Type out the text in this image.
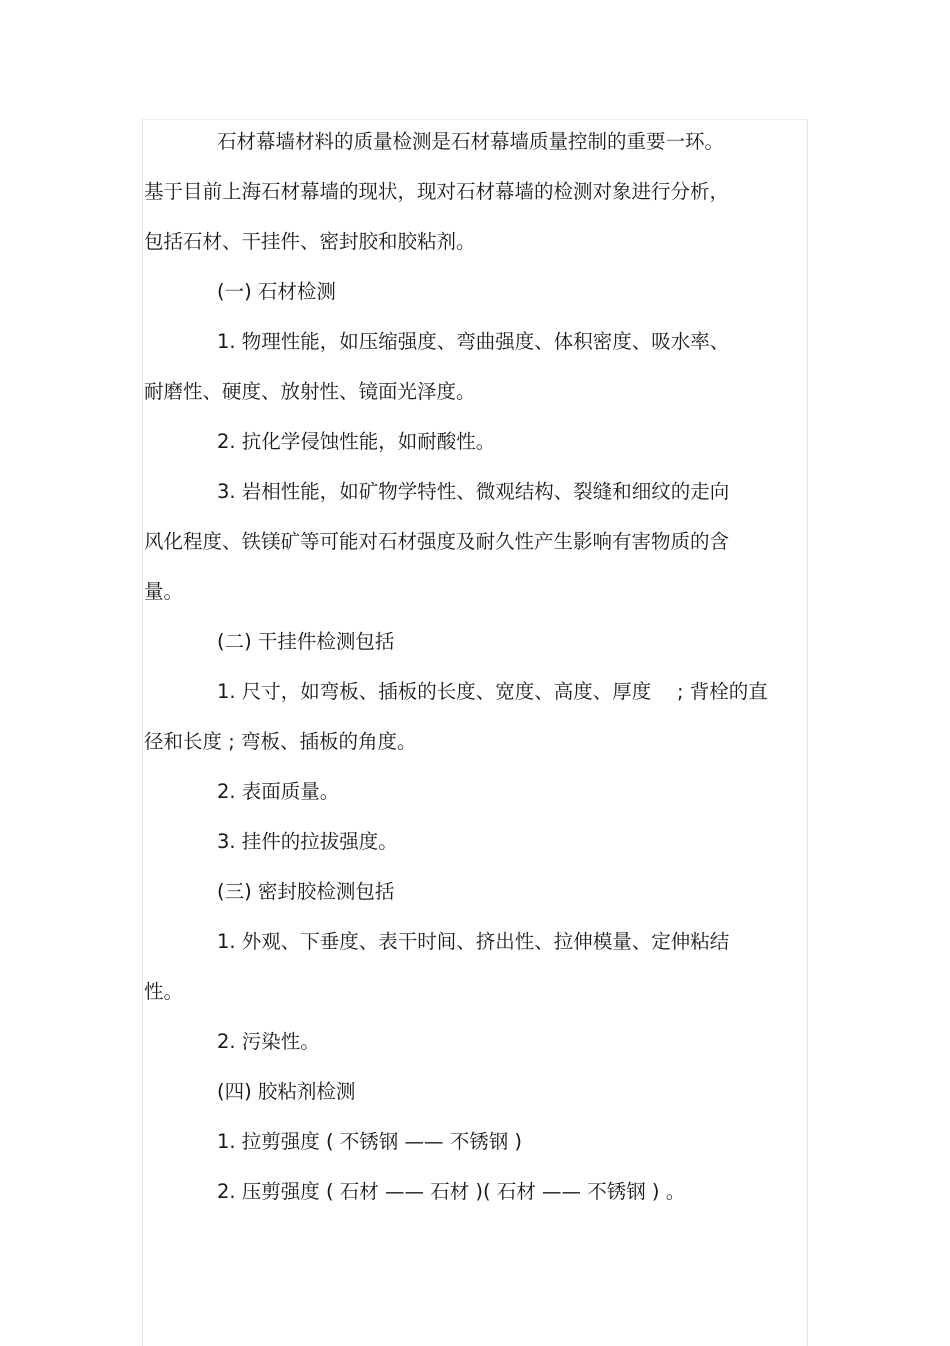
石材幕墙材料的质量检测是石材幕墙质量控制的重要一环。
基于目前上海石材幕墙的现状，现对石材幕墙的检测对象进行分析，
包括石材、干挂件、密封胶和胶粘剂。
(一) 石材检测
1. 物理性能，如压缩强度、弯曲强度、体积密度、吸水率、
耐磨性、硬度、放射性、镜面光泽度。
2. 抗化学侵蚀性能，如耐酸性。
3. 岩相性能，如矿物学特性、微观结构、裂缝和细纹的走向
风化程度、铁镁矿等可能对石材强度及耐久性产生影响有害物质的含
量。
(二) 干挂件检测包括
1. 尺寸，如弯板、插板的长度、宽度、高度、厚度　 ; 背栓的直
径和长度 ; 弯板、插板的角度。
2. 表面质量。
3. 挂件的拉拔强度。
(三) 密封胶检测包括
1. 外观、下垂度、表干时间、挤出性、拉伸模量、定伸粘结
性。
2. 污染性。
(四) 胶粘剂检测
1. 拉剪强度 ( 不锈钢 —— 不锈钢 )
2. 压剪强度 ( 石材 —— 石材 )( 石材 —— 不锈钢 ) 。
